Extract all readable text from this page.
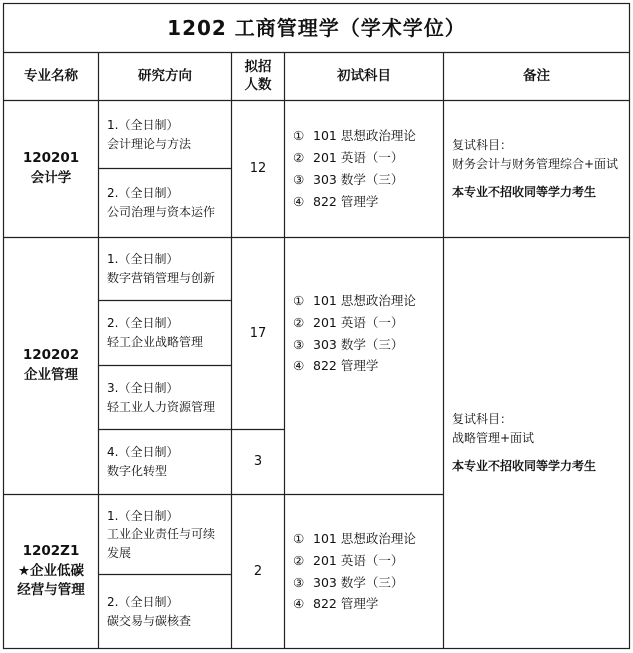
1202 工商管理学（学术学位）
专业名称	研究方向
拟招
人数
初试科目	备注
120201
会计学
1.（全日制）
会计理论与方法
2.（全日制）
公司治理与资本运作
12
① 101 思想政治理论
② 201 英语（一）
③ 303 数学（三）
④ 822 管理学
复试科目：
财务会计与财务管理综合+面试
本专业不招收同等学力考生
120202
企业管理
1.（全日制）
数字营销管理与创新
2.（全日制）
轻工企业战略管理
3.（全日制）
轻工业人力资源管理
4.（全日制）
数字化转型
17
3
① 101 思想政治理论
② 201 英语（一）
③ 303 数学（三）
④ 822 管理学
复试科目：
战略管理+面试
本专业不招收同等学力考生
1202Z1
★企业低碳
经营与管理
1.（全日制）
工业企业责任与可续
发展
2.（全日制）
碳交易与碳核查
2
① 101 思想政治理论
② 201 英语（一）
③ 303 数学（三）
④ 822 管理学
